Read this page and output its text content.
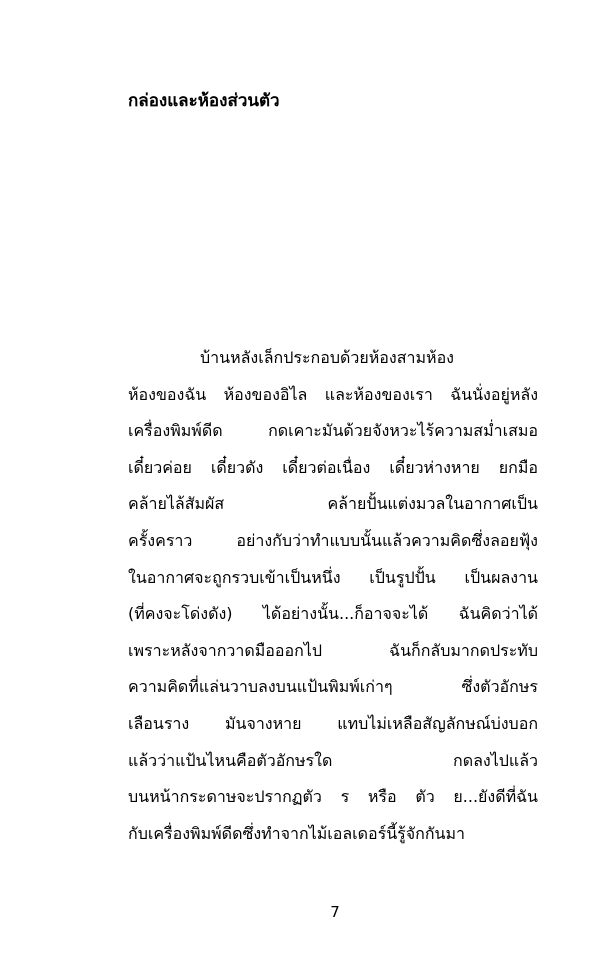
กล่องและห้องส่วนตัว
บ้านหลังเล็กประกอบด้วยห้องสามห้อง
ห้องของฉัน ห้องของอิไล และห้องของเรา ฉันนั่งอยู่หลัง
เครื่องพิมพ์ดีด กดเคาะมันด้วยจังหวะไร้ความสม่ำเสมอ
เดี๋ยวค่อย เดี๋ยวดัง เดี๋ยวต่อเนื่อง เดี๋ยวห่างหาย ยกมือ
คล้ายไล้สัมผัส คล้ายปั้นแต่งมวลในอากาศเป็น
ครั้งคราว อย่างกับว่าทำแบบนั้นแล้วความคิดซึ่งลอยฟุ้ง
ในอากาศจะถูกรวบเข้าเป็นหนึ่ง เป็นรูปปั้น เป็นผลงาน
(ที่คงจะโด่งดัง) ได้อย่างนั้น...ก็อาจจะได้ ฉันคิดว่าได้
เพราะหลังจากวาดมือออกไป ฉันก็กลับมากดประทับ
ความคิดที่แล่นวาบลงบนแป้นพิมพ์เก่าๆ ซึ่งตัวอักษร
เลือนราง มันจางหาย แทบไม่เหลือสัญลักษณ์บ่งบอก
แล้วว่าแป้นไหนคือตัวอักษรใด กดลงไปแล้ว
บนหน้ากระดาษจะปรากฏตัว ร หรือ ตัว ย...ยังดีที่ฉัน
กับเครื่องพิมพ์ดีดซึ่งทำจากไม้เอลเดอร์นี้รู้จักกันมา
7
